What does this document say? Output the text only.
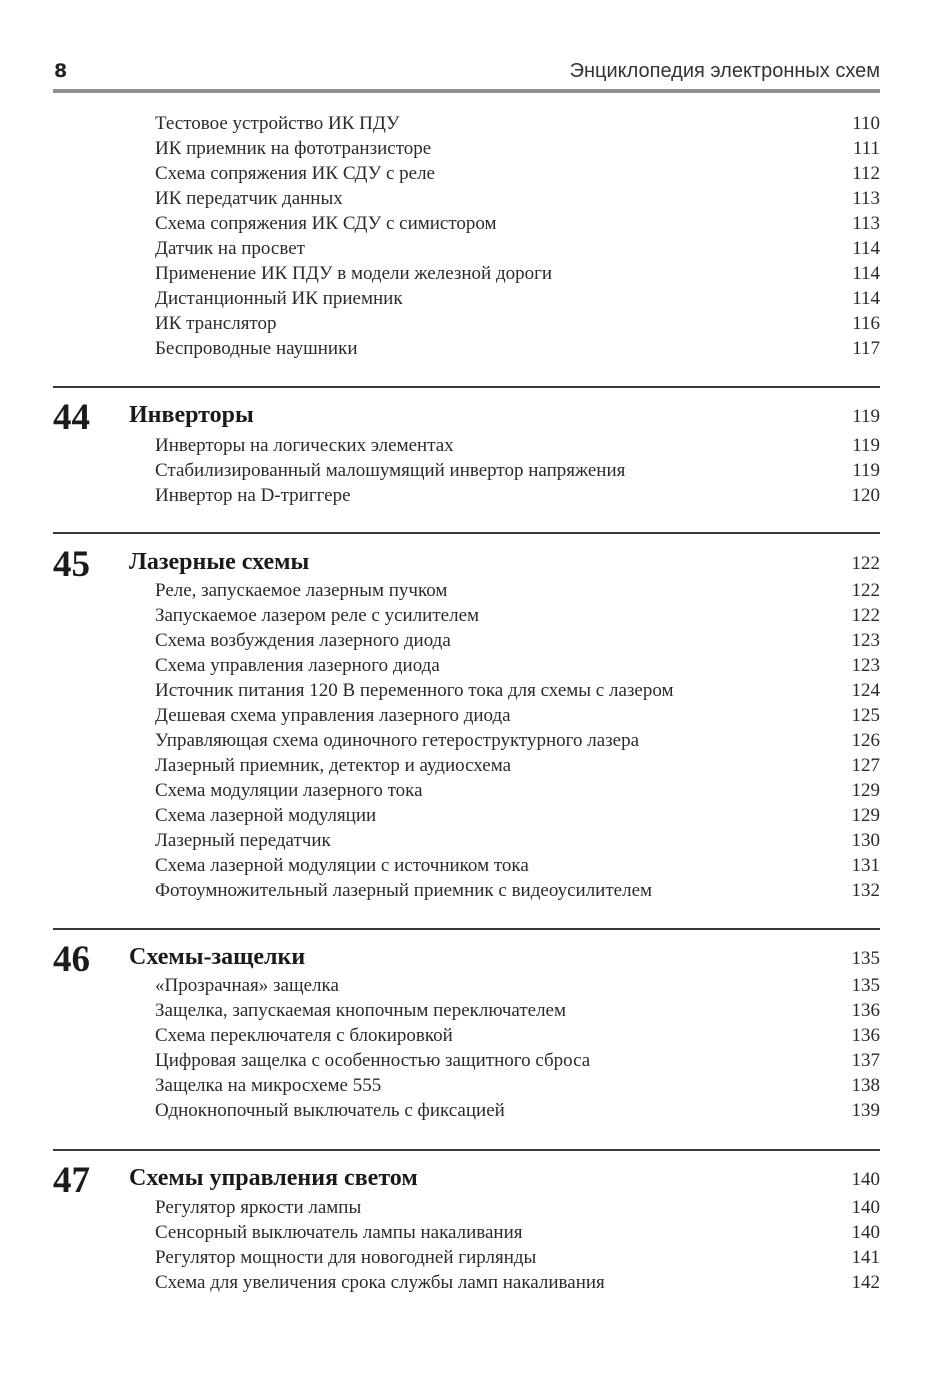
8	Энциклопедия электронных схем
Тестовое устройство ИК ПДУ	110
ИК приемник на фототранзисторе	111
Схема сопряжения ИК СДУ с реле	112
ИК передатчик данных	113
Схема сопряжения ИК СДУ с симистором	113
Датчик на просвет	114
Применение ИК ПДУ в модели железной дороги	114
Дистанционный ИК приемник	114
ИК транслятор	116
Беспроводные наушники	117
44 Инверторы	119
Инверторы на логических элементах	119
Стабилизированный малошумящий инвертор напряжения	119
Инвертор на D-триггере	120
45 Лазерные схемы	122
Реле, запускаемое лазерным пучком	122
Запускаемое лазером реле с усилителем	122
Схема возбуждения лазерного диода	123
Схема управления лазерного диода	123
Источник питания 120 В переменного тока для схемы с лазером	124
Дешевая схема управления лазерного диода	125
Управляющая схема одиночного гетероструктурного лазера	126
Лазерный приемник, детектор и аудиосхема	127
Схема модуляции лазерного тока	129
Схема лазерной модуляции	129
Лазерный передатчик	130
Схема лазерной модуляции с источником тока	131
Фотоумножительный лазерный приемник с видеоусилителем	132
46 Схемы-защелки	135
«Прозрачная» защелка	135
Защелка, запускаемая кнопочным переключателем	136
Схема переключателя с блокировкой	136
Цифровая защелка с особенностью защитного сброса	137
Защелка на микросхеме 555	138
Однокнопочный выключатель с фиксацией	139
47 Схемы управления светом	140
Регулятор яркости лампы	140
Сенсорный выключатель лампы накаливания	140
Регулятор мощности для новогодней гирлянды	141
Схема для увеличения срока службы ламп накаливания	142
